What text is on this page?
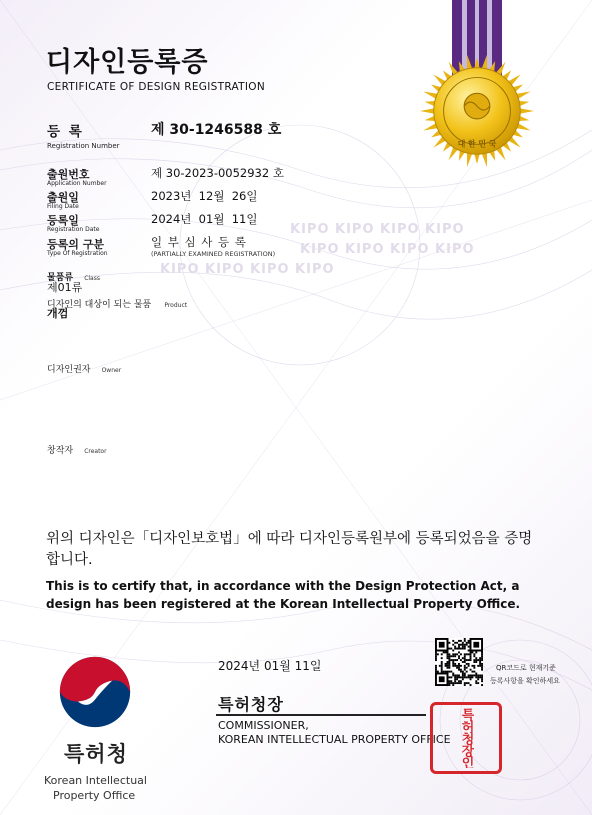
KIPO KIPO KIPO KIPO
KIPO KIPO KIPO KIPO
KIPO KIPO KIPO KIPO
대 한 민 국
디자인등록증
CERTIFICATE OF DESIGN REGISTRATION
등 록
Registration Number
제 30-1246588 호
출원번호
Application Number
제 30-2023-0052932 호
출원일
Filing Date
2023년  12월  26일
등록일
Registration Date
2024년  01월  11일
등록의 구분
Type Of Registration
일 부 심 사 등 록
(PARTIALLY EXAMINED REGISTRATION)
물품류 Class
제01류
디자인의 대상이 되는 물품 Product
개껌
디자인권자 Owner
창작자 Creator
위의 디자인은「디자인보호법」에 따라 디자인등록원부에 등록되었음을 증명합니다.
This is to certify that, in accordance with the Design Protection Act, a design has been registered at the Korean Intellectual Property Office.
특허청
Korean Intellectual
Property Office
2024년 01월 11일	QR코드로 현재기준
등록사항을 확인하세요
특허청장
COMMISSIONER,
KOREAN INTELLECTUAL PROPERTY OFFICE 특허청장인
